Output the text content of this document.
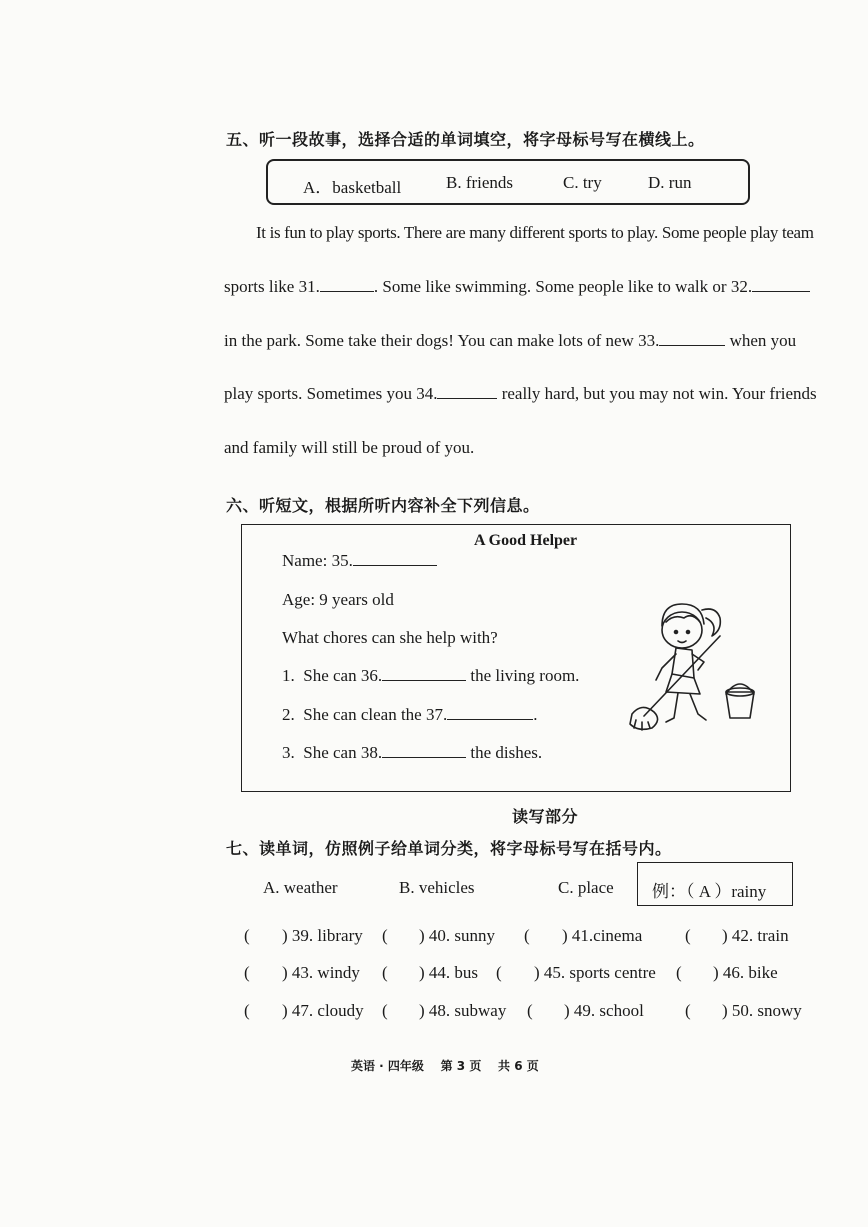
五、听一段故事，选择合适的单词填空，将字母标号写在横线上。
A．basketball	B. friends	C. try	D. run
It is fun to play sports. There are many different sports to play. Some people play team
sports like 31.	. Some like swimming. Some people like to walk or 32.
in the park. Some take their dogs! You can make lots of new 33.	when you
play sports. Sometimes you 34.	really hard, but you may not win. Your friends
and family will still be proud of you.
六、听短文，根据所听内容补全下列信息。
A Good Helper
Name: 35.
Age: 9 years old
What chores can she help with?
1. She can 36.	the living room.
2. She can clean the 37.	.
3. She can 38.	the dishes.
读写部分
七、读单词，仿照例子给单词分类，将字母标号写在括号内。
A. weather	B. vehicles	C. place 例：（ A ）rainy
( ) 39. library ( ) 40. sunny ( ) 41.cinema	( ) 42. train
( ) 43. windy ( ) 44. bus ( ) 45. sports centre ( ) 46. bike
( ) 47. cloudy ( ) 48. subway ( ) 49. school ( ) 50. snowy
英语 · 四年级    第 3 页    共 6 页
